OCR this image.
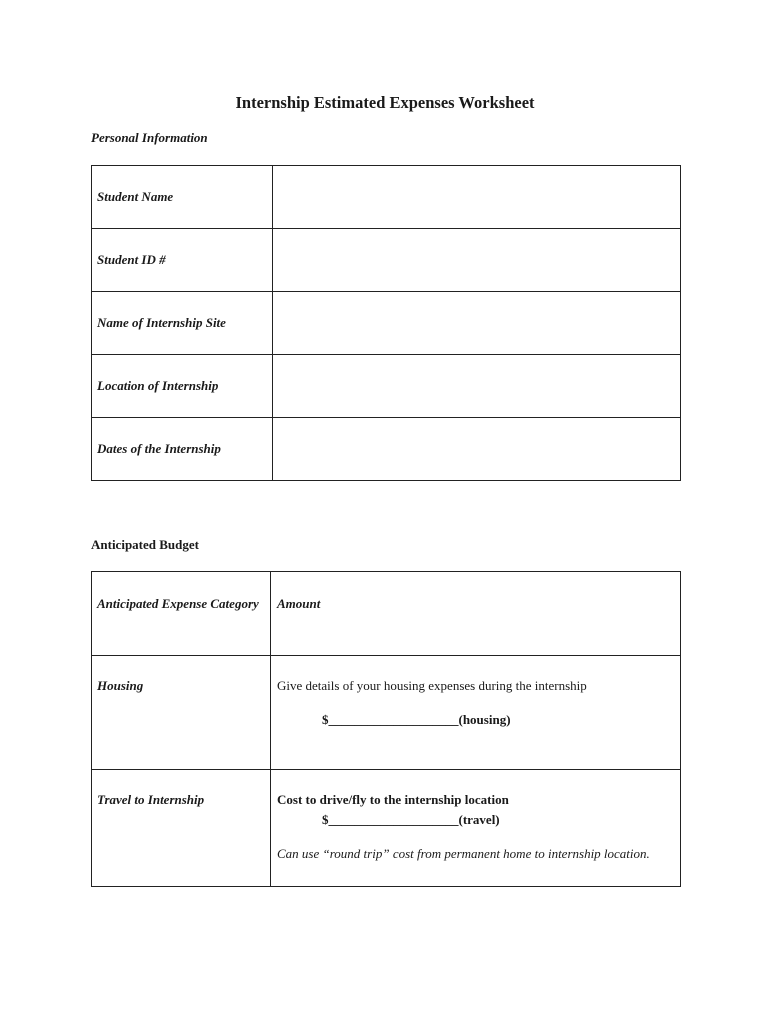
Internship Estimated Expenses Worksheet
Personal Information
Student Name	
Student ID #	
Name of Internship Site	
Location of Internship	
Dates of the Internship	
Anticipated Budget
Anticipated Expense Category	Amount

Housing	Give details of your housing expenses during the internship
$____________________(housing)

Travel to Internship	Cost to drive/fly to the internship location
$____________________(travel)
Can use “round trip” cost from permanent home to internship location.
